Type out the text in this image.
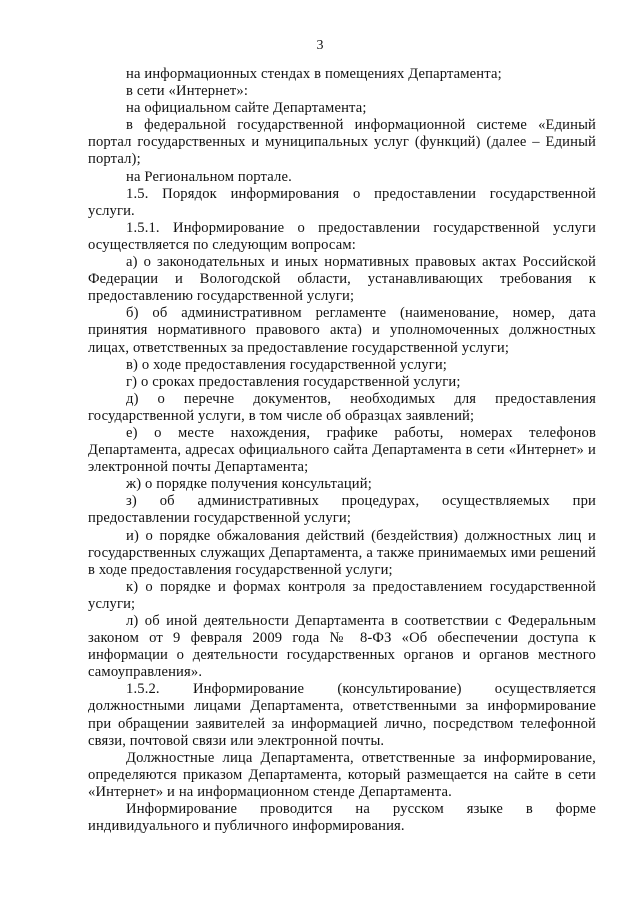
3

на информационных стендах в помещениях Департамента;

в сети «Интернет»:

на официальном сайте Департамента;

в федеральной государственной информационной системе «Единый портал государственных и муниципальных услуг (функций) (далее – Единый портал);

на Региональном портале.

1.5. Порядок информирования о предоставлении государственной услуги.

1.5.1. Информирование о предоставлении государственной услуги осуществляется по следующим вопросам:

а) о законодательных и иных нормативных правовых актах Российской Федерации и Вологодской области, устанавливающих требования к предоставлению государственной услуги;

б) об административном регламенте (наименование, номер, дата принятия нормативного правового акта) и уполномоченных должностных лицах, ответственных за предоставление государственной услуги;

в) о ходе предоставления государственной услуги;

г) о сроках предоставления государственной услуги;

д) о перечне документов, необходимых для предоставления государственной услуги, в том числе об образцах заявлений;

е) о месте нахождения, графике работы, номерах телефонов Департамента, адресах официального сайта Департамента в сети «Интернет» и электронной почты Департамента;

ж) о порядке получения консультаций;

з) об административных процедурах, осуществляемых при предоставлении государственной услуги;

и) о порядке обжалования действий (бездействия) должностных лиц и государственных служащих Департамента, а также принимаемых ими решений в ходе предоставления государственной услуги;

к) о порядке и формах контроля за предоставлением государственной услуги;

л) об иной деятельности Департамента в соответствии с Федеральным законом от 9 февраля 2009 года № 8-ФЗ «Об обеспечении доступа к информации о деятельности государственных органов и органов местного самоуправления».

1.5.2. Информирование (консультирование) осуществляется должностными лицами Департамента, ответственными за информирование при обращении заявителей за информацией лично, посредством телефонной связи, почтовой связи или электронной почты.

Должностные лица Департамента, ответственные за информирование, определяются приказом Департамента, который размещается на сайте в сети «Интернет» и на информационном стенде Департамента.

Информирование проводится на русском языке в форме индивидуального и публичного информирования.
